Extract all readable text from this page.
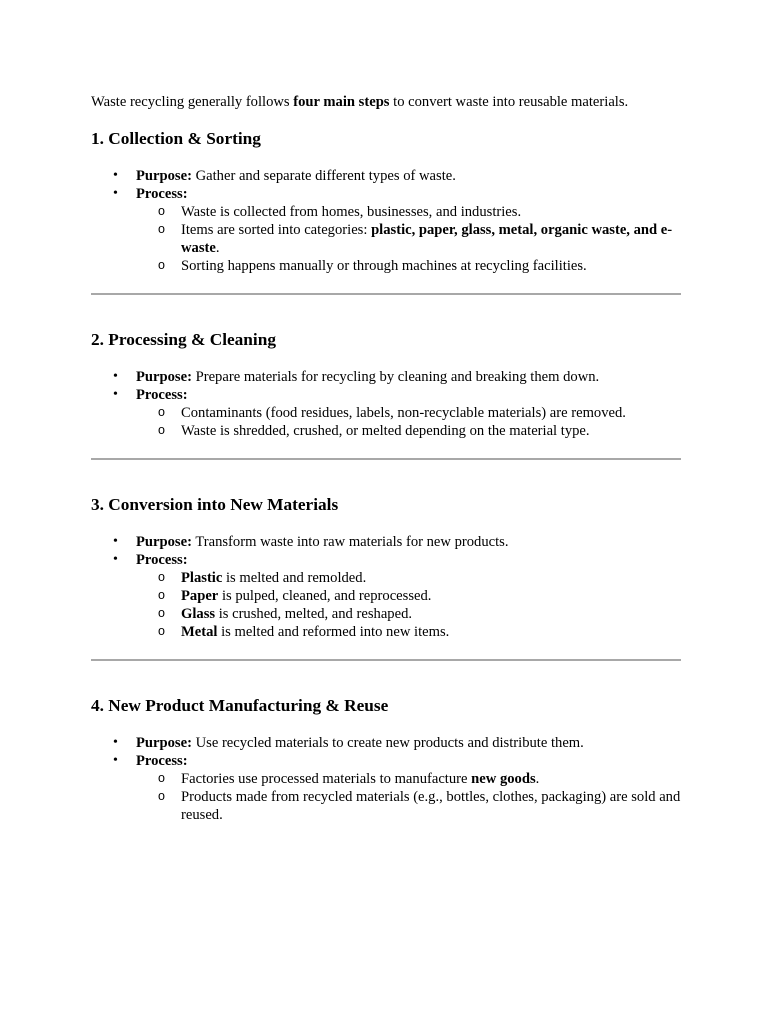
Waste recycling generally follows four main steps to convert waste into reusable materials.

1. Collection & Sorting
• Purpose: Gather and separate different types of waste.
• Process:
o Waste is collected from homes, businesses, and industries.
o Items are sorted into categories: plastic, paper, glass, metal, organic waste, and e-waste.
o Sorting happens manually or through machines at recycling facilities.
2. Processing & Cleaning
• Purpose: Prepare materials for recycling by cleaning and breaking them down.
• Process:
o Contaminants (food residues, labels, non-recyclable materials) are removed.
o Waste is shredded, crushed, or melted depending on the material type.
3. Conversion into New Materials
• Purpose: Transform waste into raw materials for new products.
• Process:
o Plastic is melted and remolded.
o Paper is pulped, cleaned, and reprocessed.
o Glass is crushed, melted, and reshaped.
o Metal is melted and reformed into new items.
4. New Product Manufacturing & Reuse
• Purpose: Use recycled materials to create new products and distribute them.
• Process:
o Factories use processed materials to manufacture new goods.
o Products made from recycled materials (e.g., bottles, clothes, packaging) are sold and reused.
